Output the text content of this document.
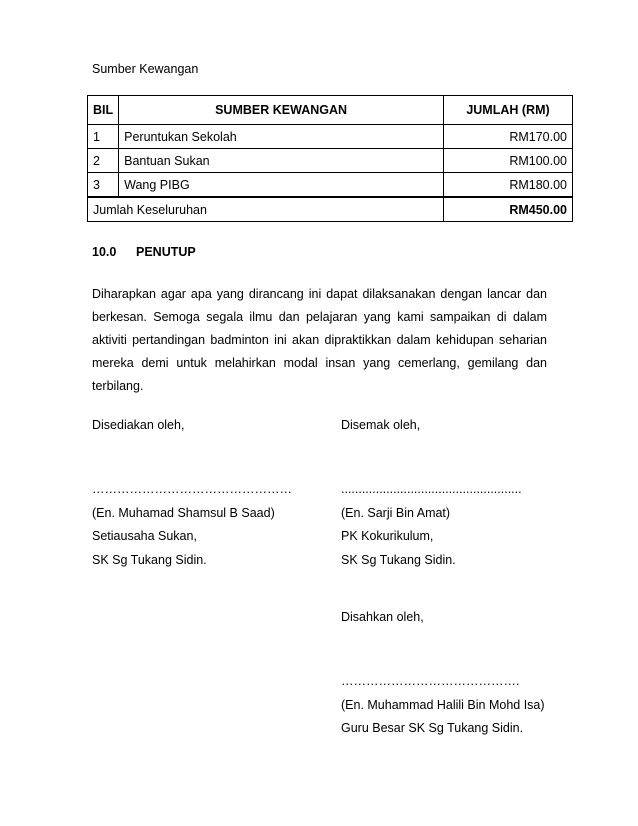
Sumber Kewangan
BIL	SUMBER KEWANGAN	JUMLAH (RM)
1	Peruntukan Sekolah	RM170.00
2	Bantuan Sukan	RM100.00
3	Wang PIBG	RM180.00
Jumlah Keseluruhan		RM450.00
10.0 PENUTUP
Diharapkan agar apa yang dirancang ini dapat dilaksanakan dengan lancar dan berkesan. Semoga segala ilmu dan pelajaran yang kami sampaikan di dalam aktiviti pertandingan badminton ini akan dipraktikkan dalam kehidupan seharian mereka demi untuk melahirkan modal insan yang cemerlang, gemilang dan terbilang.
Disediakan oleh,
…………………………………………
(En. Muhamad Shamsul B Saad)
Setiausaha Sukan,
SK Sg Tukang Sidin.
Disemak oleh,
....................................................
(En. Sarji Bin Amat)
PK Kokurikulum,
SK Sg Tukang Sidin.
Disahkan oleh,
…………………………………….
(En. Muhammad Halili Bin Mohd Isa)
Guru Besar SK Sg Tukang Sidin.
